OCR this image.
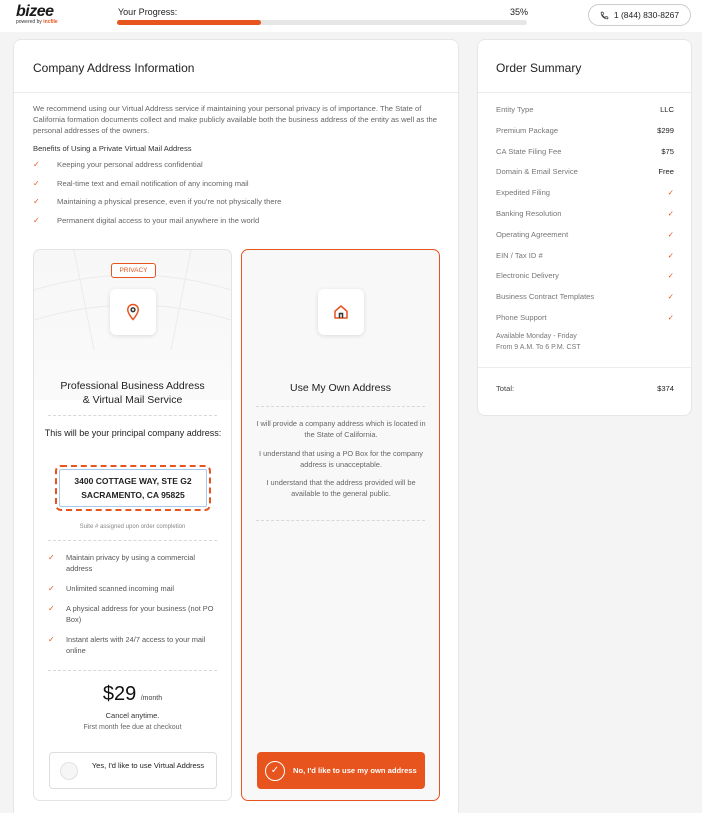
bizee
powered by incfile
Your Progress:	35%	1 (844) 830-8267
Company Address Information
We recommend using our Virtual Address service if maintaining your personal privacy is of importance. The State of California formation documents collect and make publicly available both the business address of the entity as well as the personal addresses of the owners.
Benefits of Using a Private Virtual Mail Address
✓	Keeping your personal address confidential
✓	Real-time text and email notification of any incoming mail
✓	Maintaining a physical presence, even if you're not physically there
✓	Permanent digital access to your mail anywhere in the world
PRIVACY
Professional Business Address
& Virtual Mail Service
This will be your principal company address:
3400 COTTAGE WAY, STE G2
SACRAMENTO, CA 95825
Suite # assigned upon order completion
✓	Maintain privacy by using a commercial address
✓	Unlimited scanned incoming mail
✓	A physical address for your business (not PO Box)
✓	Instant alerts with 24/7 access to your mail online
$29 /month
Cancel anytime.
First month fee due at checkout
Yes, I'd like to use Virtual Address
Use My Own Address
I will provide a company address which is located in the State of California.
I understand that using a PO Box for the company address is unacceptable.
I understand that the address provided will be available to the general public.
✓	No, I'd like to use my own address
Order Summary
Entity Type	LLC
Premium Package	$299
CA State Filing Fee	$75
Domain & Email Service	Free
Expedited Filing	✓
Banking Resolution	✓
Operating Agreement	✓
EIN / Tax ID #	✓
Electronic Delivery	✓
Business Contract Templates	✓
Phone Support	✓
Available Monday - Friday
From 9 A.M. To 6 P.M. CST
Total:	$374
